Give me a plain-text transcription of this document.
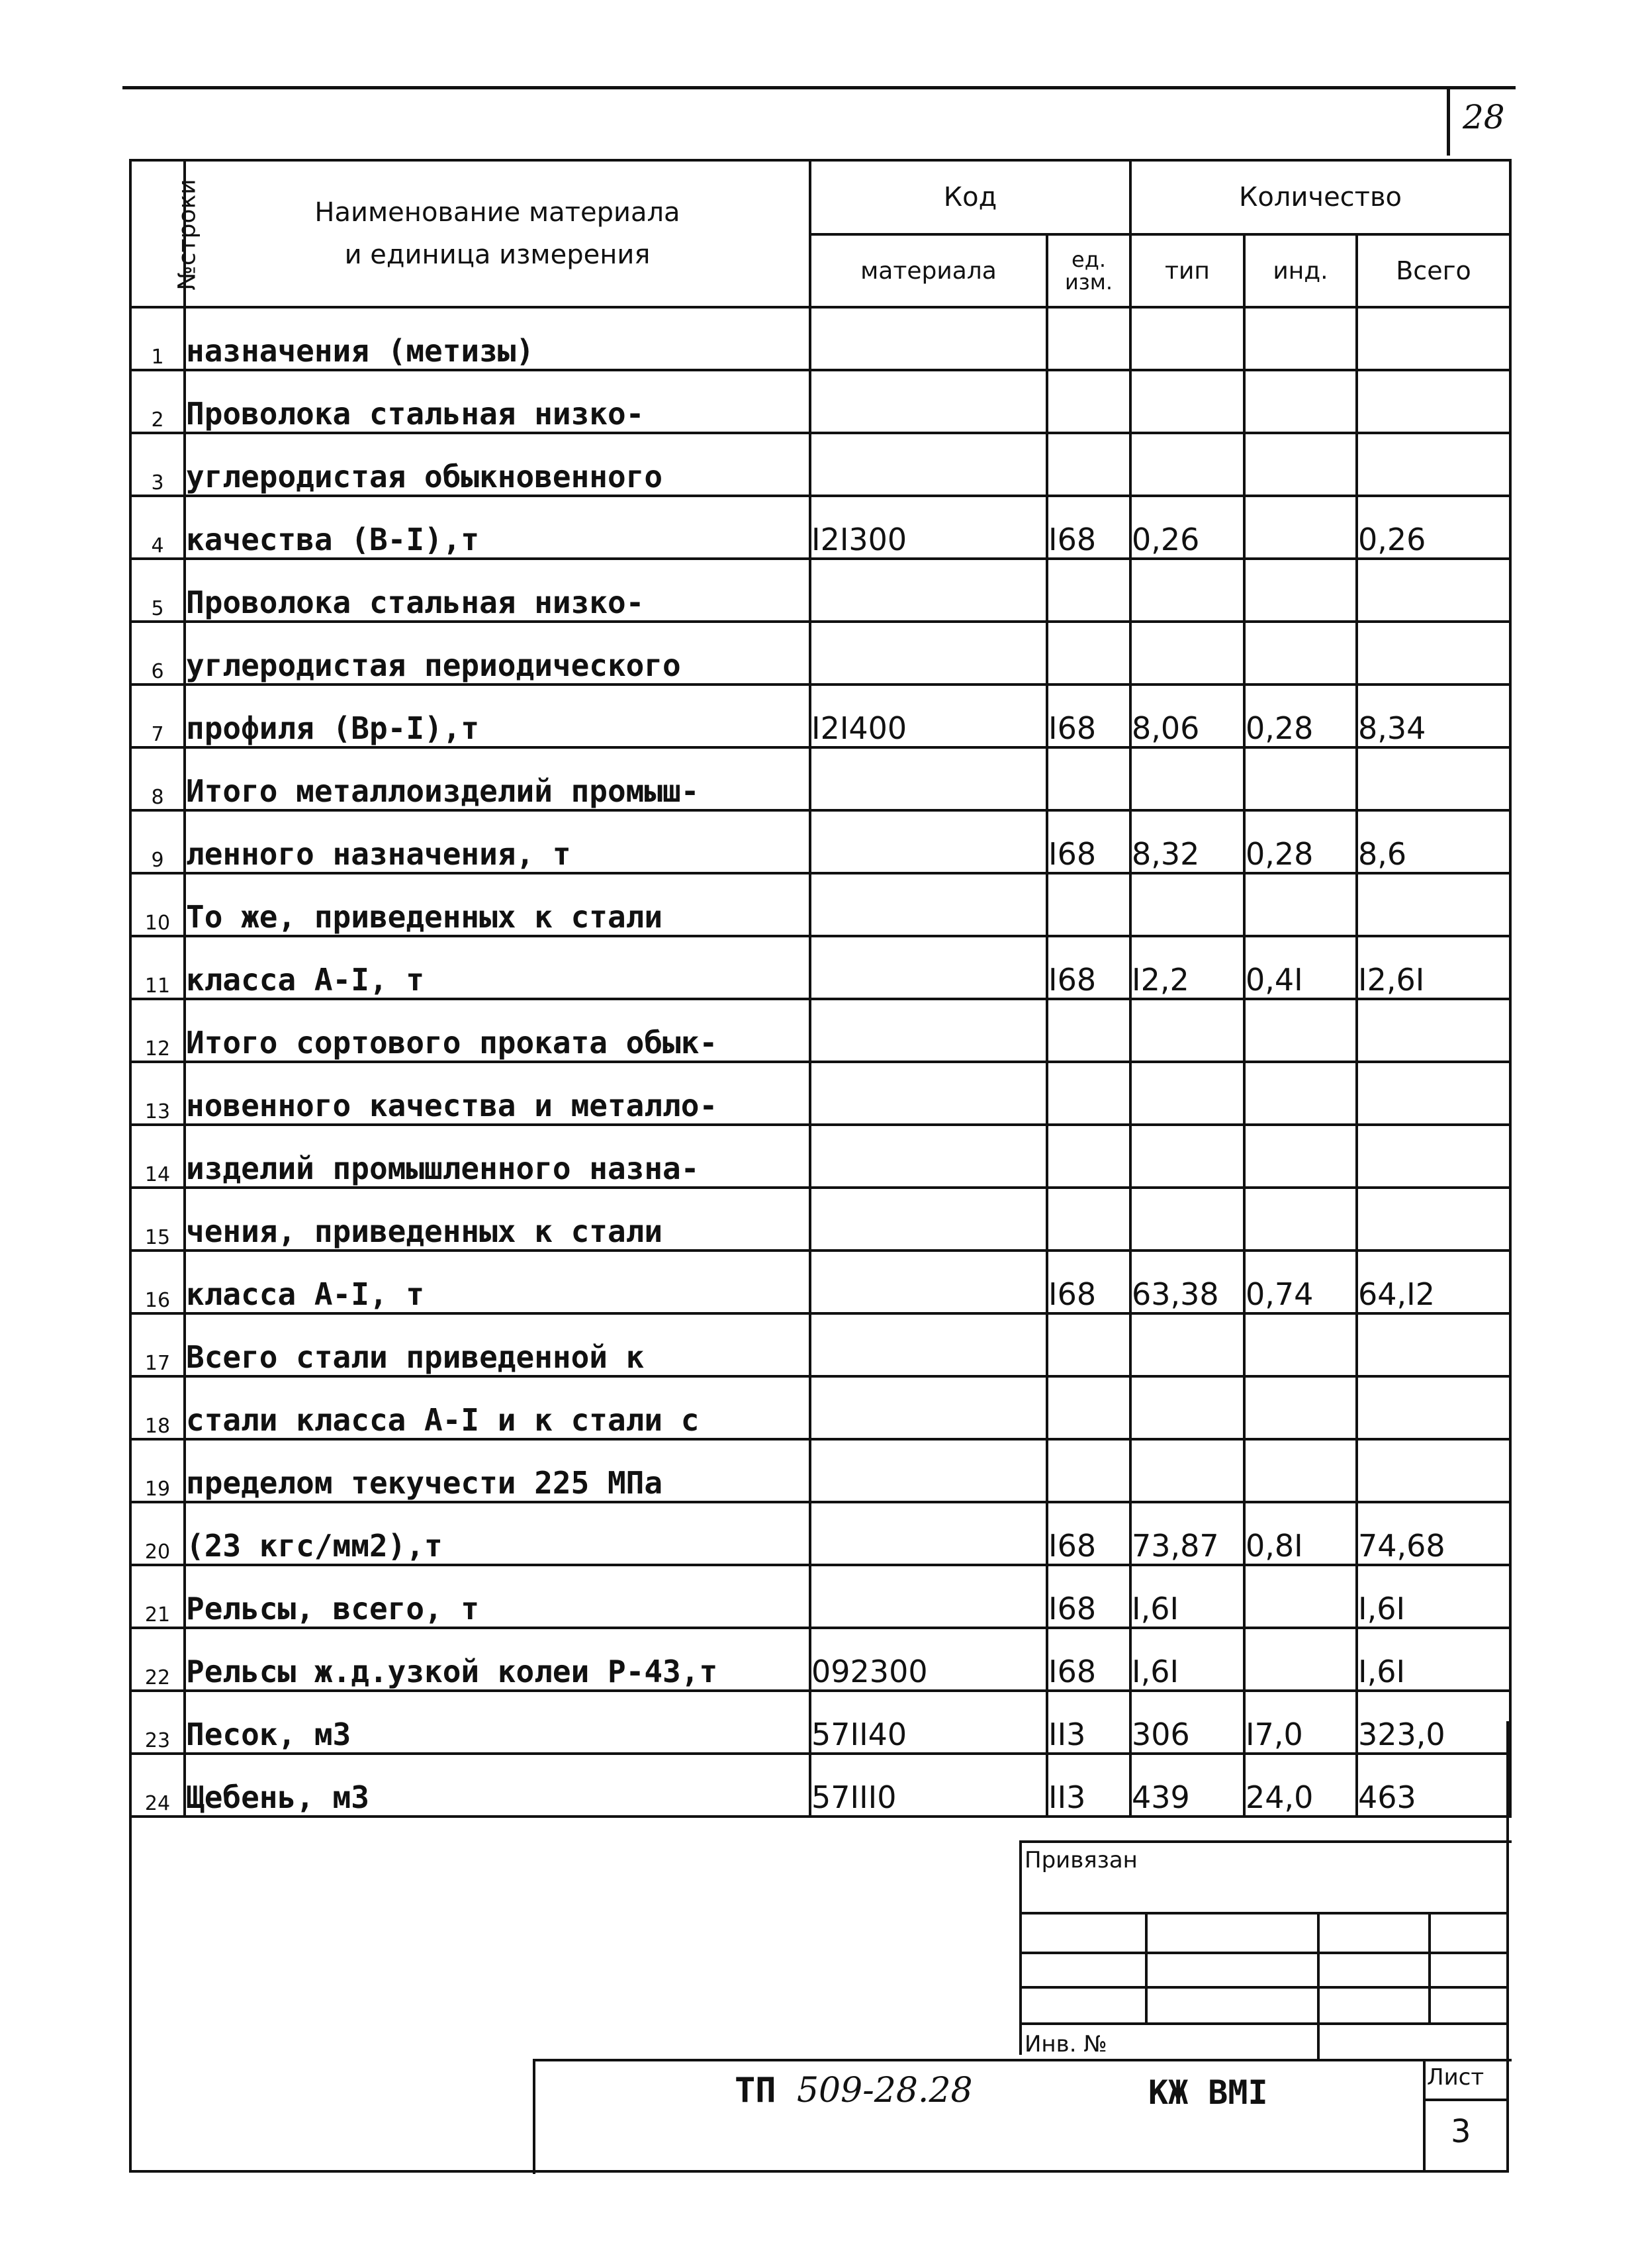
28
№строки	Наименование материала
и единица измерения	Код		Количество		
		материала	ед. изм.	тип	инд.	Всего
1	назначения (метизы)					
2	Проволока стальная низко-					
3	углеродистая обыкновенного					
4	качества (В-I),т	I2I300	I68	0,26		0,26
5	Проволока стальная низко-					
6	углеродистая периодического					
7	профиля (Вр-I),т	I2I400	I68	8,06	0,28	8,34
8	Итого металлоизделий промыш-					
9	ленного назначения, т		I68	8,32	0,28	8,6
10	То же, приведенных к стали					
11	класса А-I, т		I68	I2,2	0,4I	I2,6I
12	Итого сортового проката обык-					
13	новенного качества и металло-					
14	изделий промышленного назна-					
15	чения, приведенных к стали					
16	класса А-I, т		I68	63,38	0,74	64,I2
17	Всего стали приведенной к					
18	стали класса А-I и к стали с					
19	пределом текучести 225 МПа					
20	(23 кгс/мм2),т		I68	73,87	0,8I	74,68
21	Рельсы, всего, т		I68	I,6I		I,6I
22	Рельсы ж.д.узкой колеи Р-43,т	092300	I68	I,6I		I,6I
23	Песок, м3	57II40	II3	306	I7,0	323,0
24	Щебень, м3	57III0	II3	439	24,0	463
Привязан
Инв. №
ТП 509-28.28	КЖ ВМI	Лист
3
